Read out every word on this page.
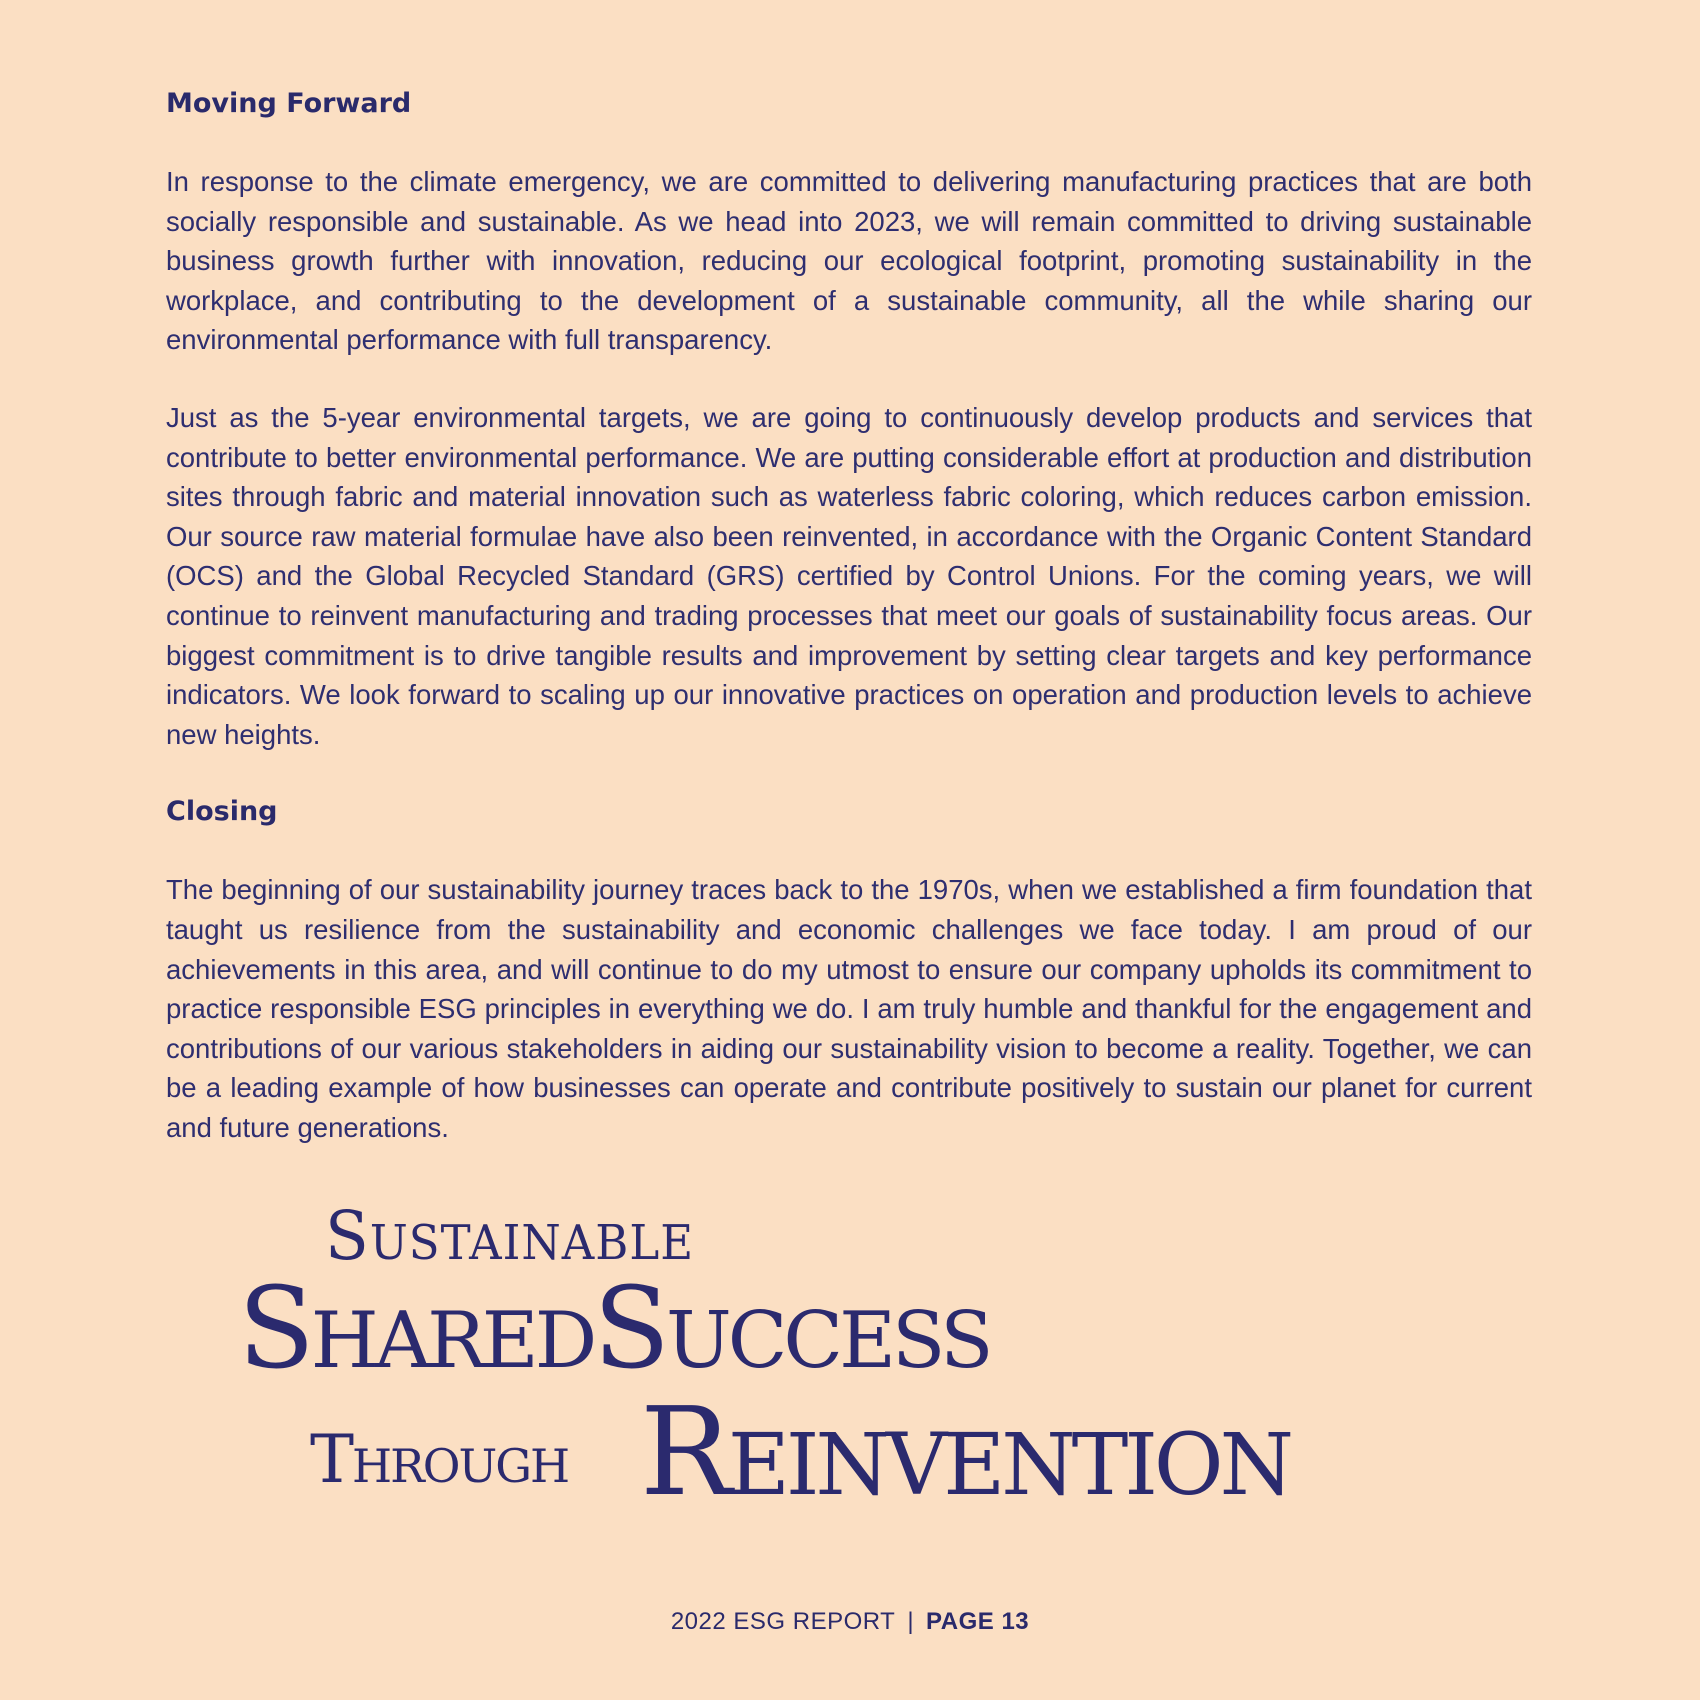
Moving Forward

In response to the climate emergency, we are committed to delivering manufacturing practices that are both socially responsible and sustainable. As we head into 2023, we will remain committed to driving sustainable business growth further with innovation, reducing our ecological footprint, promoting sustainability in the workplace, and contributing to the development of a sustainable community, all the while sharing our environmental performance with full transparency.

Just as the 5-year environmental targets, we are going to continuously develop products and services that contribute to better environmental performance. We are putting considerable effort at production and distribution sites through fabric and material innovation such as waterless fabric coloring, which reduces carbon emission. Our source raw material formulae have also been reinvented, in accordance with the Organic Content Standard (OCS) and the Global Recycled Standard (GRS) certified by Control Unions. For the coming years, we will continue to reinvent manufacturing and trading processes that meet our goals of sustainability focus areas. Our biggest commitment is to drive tangible results and improvement by setting clear targets and key performance indicators. We look forward to scaling up our innovative practices on operation and production levels to achieve new heights.

Closing

The beginning of our sustainability journey traces back to the 1970s, when we established a firm foundation that taught us resilience from the sustainability and economic challenges we face today. I am proud of our achievements in this area, and will continue to do my utmost to ensure our company upholds its commitment to practice responsible ESG principles in everything we do. I am truly humble and thankful for the engagement and contributions of our various stakeholders in aiding our sustainability vision to become a reality. Together, we can be a leading example of how businesses can operate and contribute positively to sustain our planet for current and future generations.

Sustainable
SharedSuccess
Through Reinvention
2022 ESG REPORT | PAGE 13
